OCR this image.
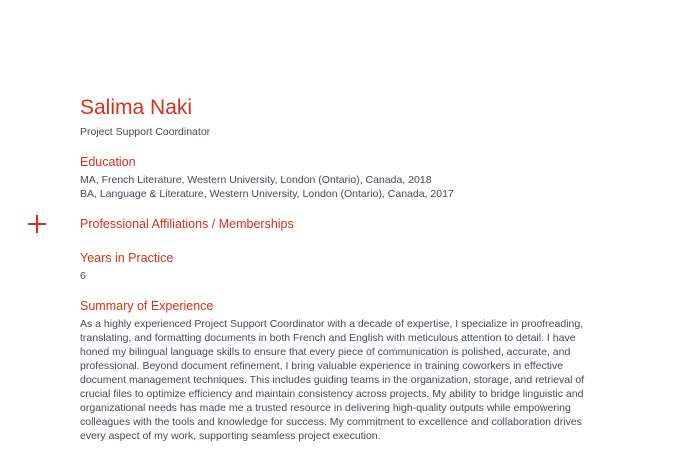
Salima Naki
Project Support Coordinator
Education
MA, French Literature, Western University, London (Ontario), Canada, 2018
BA, Language & Literature, Western University, London (Ontario), Canada, 2017
Professional Affiliations / Memberships
Years in Practice
6
Summary of Experience
As a highly experienced Project Support Coordinator with a decade of expertise, I specialize in proofreading, translating, and formatting documents in both French and English with meticulous attention to detail. I have honed my bilingual language skills to ensure that every piece of communication is polished, accurate, and professional. Beyond document refinement, I bring valuable experience in training coworkers in effective document management techniques. This includes guiding teams in the organization, storage, and retrieval of crucial files to optimize efficiency and maintain consistency across projects. My ability to bridge linguistic and organizational needs has made me a trusted resource in delivering high-quality outputs while empowering colleagues with the tools and knowledge for success. My commitment to excellence and collaboration drives every aspect of my work, supporting seamless project execution.
